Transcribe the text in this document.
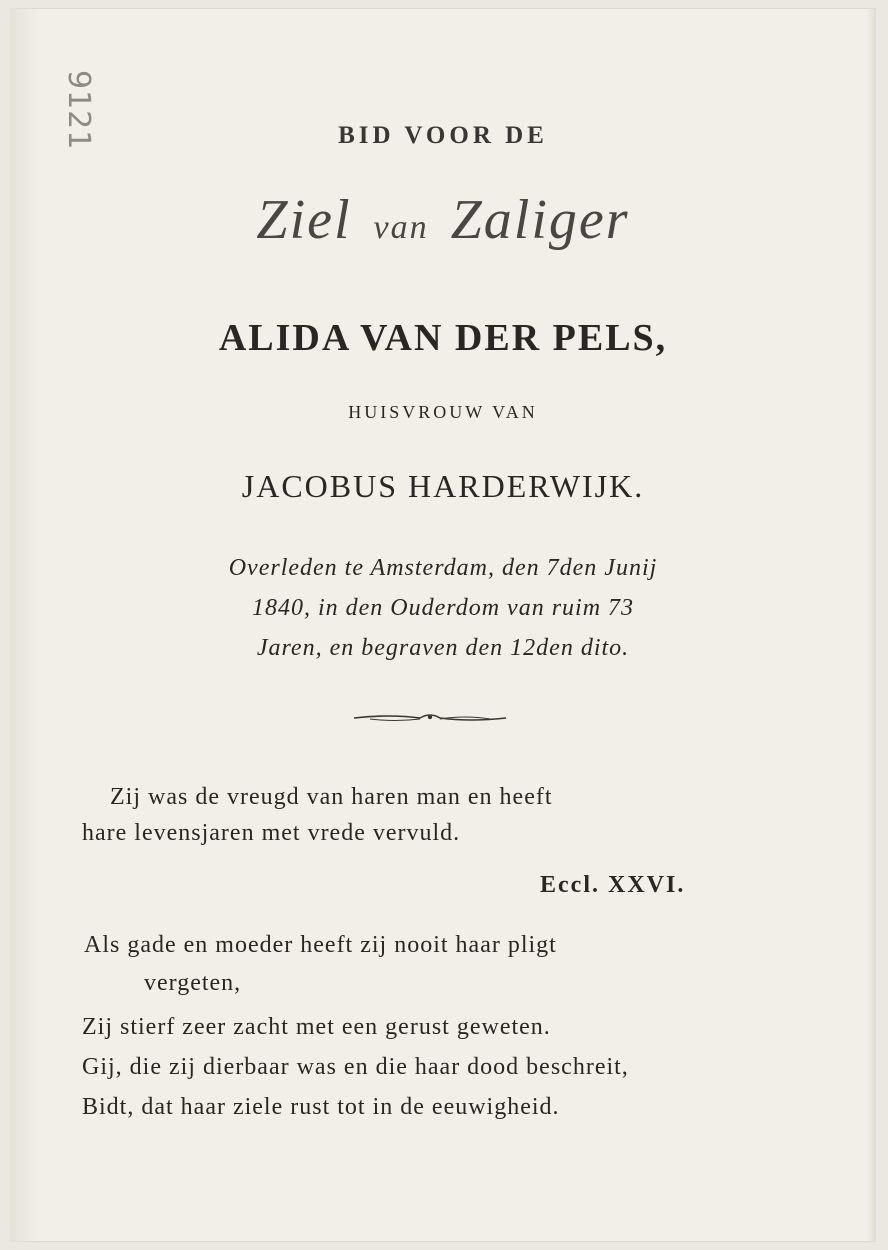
9121	BID VOOR DE
Ziel van Zaliger
ALIDA VAN DER PELS,
HUISVROUW VAN
JACOBUS HARDERWIJK.
Overleden te Amsterdam, den 7den Junij
1840, in den Ouderdom van ruim 73
Jaren, en begraven den 12den dito.
Zij was de vreugd van haren man en heeft
hare levensjaren met vrede vervuld.
Eccl. XXVI.
Als gade en moeder heeft zij nooit haar pligt
vergeten,
Zij stierf zeer zacht met een gerust geweten.
Gij, die zij dierbaar was en die haar dood beschreit,
Bidt, dat haar ziele rust tot in de eeuwigheid.
